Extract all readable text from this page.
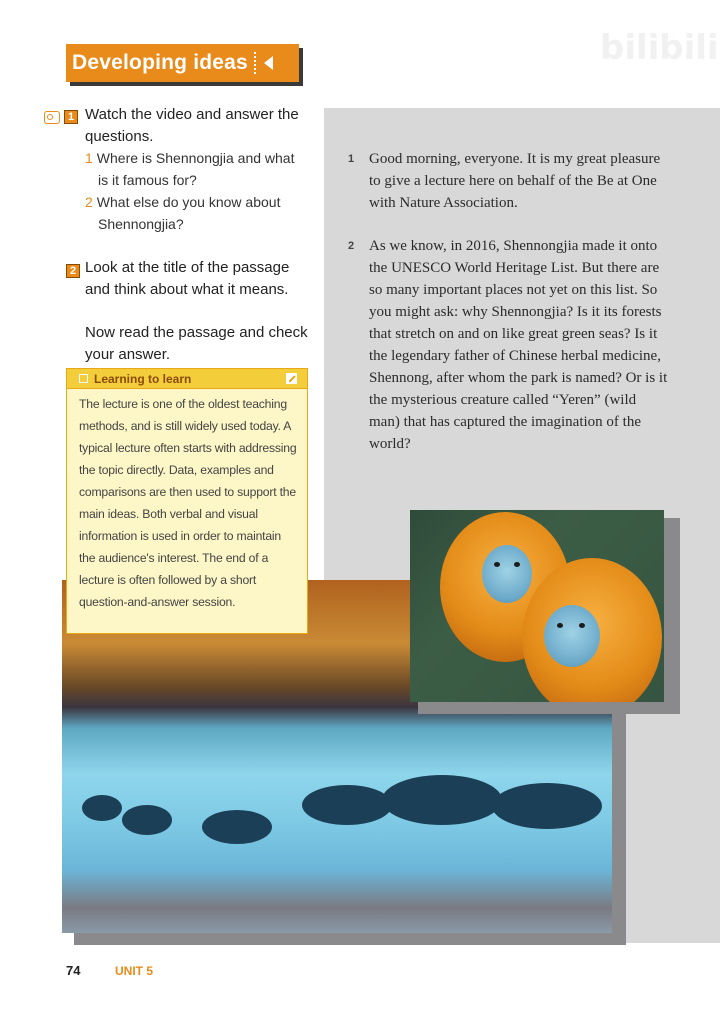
Developing ideas	bilibili
1 Watch the video and answer the questions.
1 Where is Shennongjia and what
is it famous for?
2 What else do you know about
Shennongjia?
2 Look at the title of the passage and think about what it means.
Now read the passage and check your answer.
Learning to learn
The lecture is one of the oldest teaching methods, and is still widely used today. A typical lecture often starts with addressing the topic directly. Data, examples and comparisons are then used to support the main ideas. Both verbal and visual information is used in order to maintain the audience's interest. The end of a lecture is often followed by a short question-and-answer session.
1 Good morning, everyone. It is my great pleasure to give a lecture here on behalf of the Be at One with Nature Association.
2 As we know, in 2016, Shennongjia made it onto the UNESCO World Heritage List. But there are so many important places not yet on this list. So you might ask: why Shennongjia? Is it its forests that stretch on and on like great green seas? Is it the legendary father of Chinese herbal medicine, Shennong, after whom the park is named? Or is it the mysterious creature called “Yeren” (wild man) that has captured the imagination of the world?
74	UNIT 5
